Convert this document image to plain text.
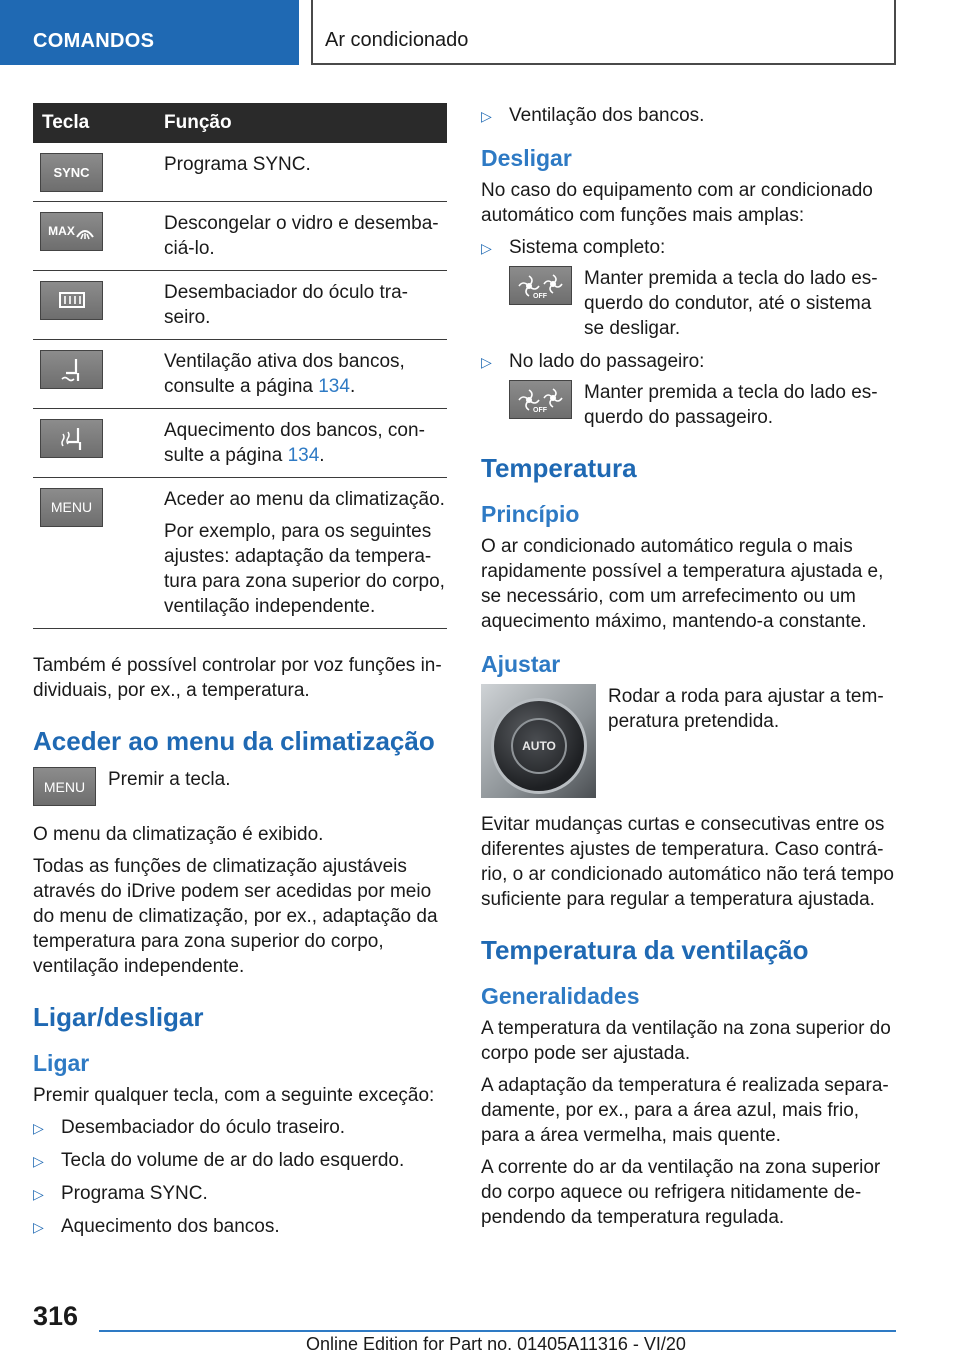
COMANDOS	Ar condicionado
Tecla	Função

SYNC	Programa SYNC.

MAX	Descongelar o vidro e desembaciá-lo.

Desembaciador do óculo traseiro.

Ventilação ativa dos bancos, consulte a página 134.

Aquecimento dos bancos, consulte a página 134.

MENU	Aceder ao menu da climatização.

Por exemplo, para os seguintes ajustes: adaptação da temperatura para zona superior do corpo, ventilação independente.

Também é possível controlar por voz funções individuais, por ex., a temperatura.

Aceder ao menu da climatização
MENU Premir a tecla.

O menu da climatização é exibido.

Todas as funções de climatização ajustáveis através do iDrive podem ser acedidas por meio do menu de climatização, por ex., adaptação da temperatura para zona superior do corpo, ventilação independente.

Ligar/desligar
Ligar

Premir qualquer tecla, com a seguinte exceção:

▷ Desembaciador do óculo traseiro.
▷ Tecla do volume de ar do lado esquerdo.
▷ Programa SYNC.
▷ Aquecimento dos bancos.
▷ Ventilação dos bancos.
Desligar

No caso do equipamento com ar condicionado automático com funções mais amplas:

▷ Sistema completo:
OFF
Manter premida a tecla do lado esquerdo do condutor, até o sistema se desligar.
▷ No lado do passageiro:
OFF
Manter premida a tecla do lado esquerdo do passageiro.
Temperatura
Princípio

O ar condicionado automático regula o mais rapidamente possível a temperatura ajustada e, se necessário, com um arrefecimento ou um aquecimento máximo, mantendo-a constante.

Ajustar
AUTO
Rodar a roda para ajustar a temperatura pretendida.

Evitar mudanças curtas e consecutivas entre os diferentes ajustes de temperatura. Caso contrário, o ar condicionado automático não terá tempo suficiente para regular a temperatura ajustada.

Temperatura da ventilação
Generalidades

A temperatura da ventilação na zona superior do corpo pode ser ajustada.

A adaptação da temperatura é realizada separadamente, por ex., para a área azul, mais frio, para a área vermelha, mais quente.

A corrente do ar da ventilação na zona superior do corpo aquece ou refrigera nitidamente dependendo da temperatura regulada.

316
Online Edition for Part no. 01405A11316 - VI/20
